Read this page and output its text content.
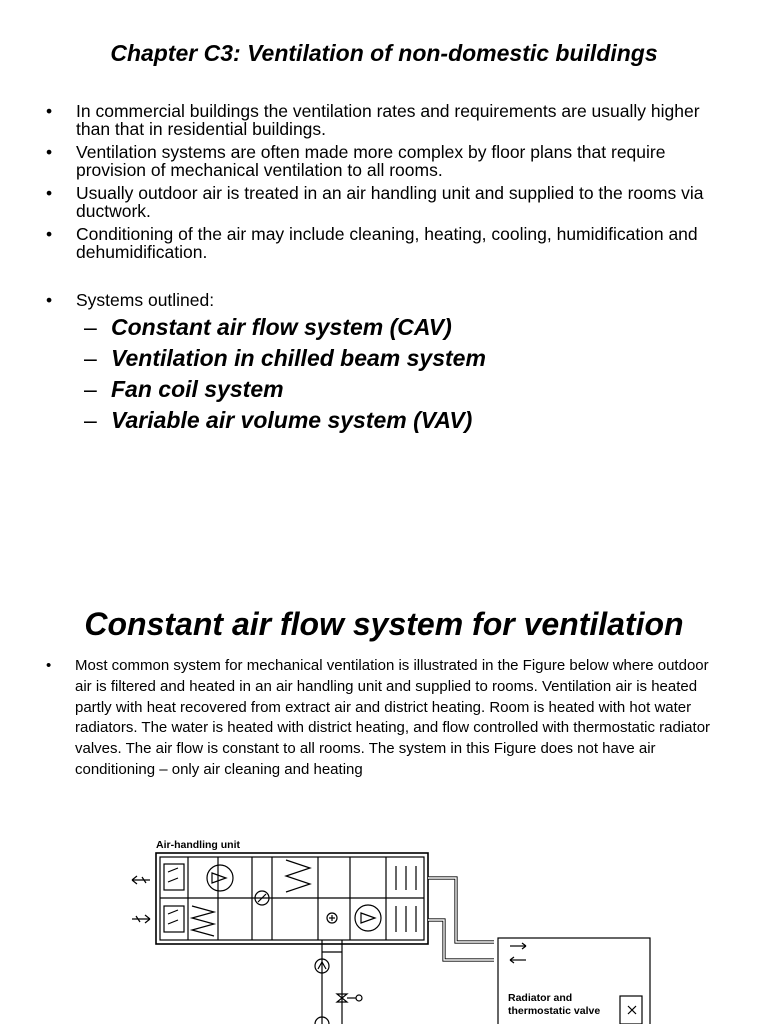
Chapter C3: Ventilation of non-domestic buildings
• In commercial buildings the ventilation rates and requirements are usually higher than that in residential buildings.
• Ventilation systems are often made more complex by floor plans that require provision of mechanical ventilation to all rooms.
• Usually outdoor air is treated in an air handling unit and supplied to the rooms via ductwork.
• Conditioning of the air may include cleaning, heating, cooling, humidification and dehumidification.
• Systems outlined:
– Constant air flow system (CAV)
– Ventilation in chilled beam system
– Fan coil system
– Variable air volume system (VAV)
Constant air flow system for ventilation
• Most common system for mechanical ventilation is illustrated in the Figure below where outdoor air is filtered and heated in an air handling unit and supplied to rooms. Ventilation air is heated partly with heat recovered from extract air and district heating. Room is heated with hot water radiators. The water is heated with district heating, and flow controlled with thermostatic radiator valves. The air flow is constant to all rooms. The system in this Figure does not have air conditioning – only air cleaning and heating
Air-handling unit
Radiator and
thermostatic valve
